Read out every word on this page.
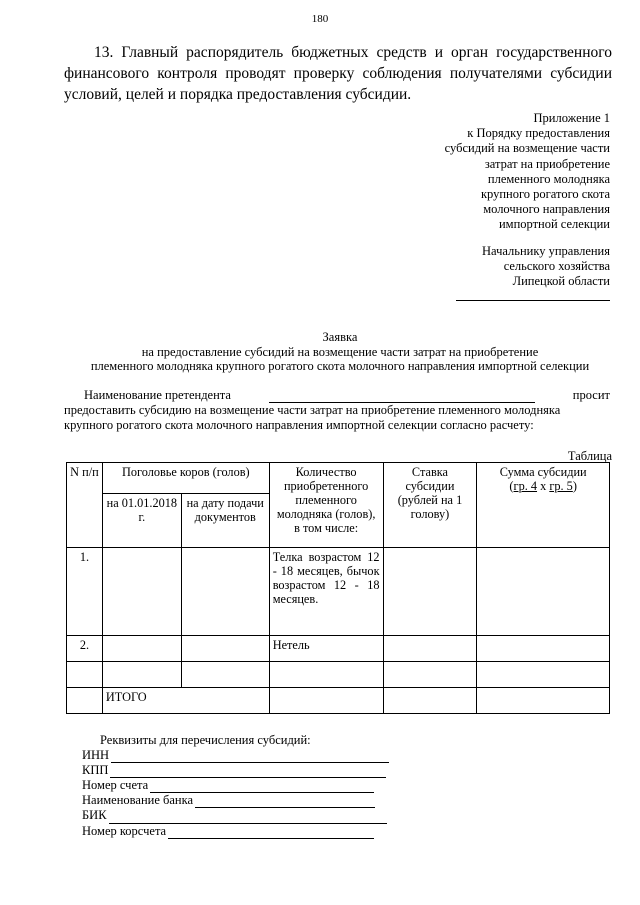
180
13. Главный распорядитель бюджетных средств и орган государственного финансового контроля проводят проверку соблюдения получателями субсидии условий, целей и порядка предоставления субсидии.
Приложение 1
к Порядку предоставления
субсидий на возмещение части
затрат на приобретение
племенного молодняка
крупного рогатого скота
молочного направления
импортной селекции
Начальнику управления
сельского хозяйства
Липецкой области
Заявка
на предоставление субсидий на возмещение части затрат на приобретение
племенного молодняка крупного рогатого скота молочного направления импортной селекции
Наименование претендента	просит
предоставить субсидию на возмещение части затрат на приобретение племенного молодняка
крупного рогатого скота молочного направления импортной селекции согласно расчету:
Таблица
N п/п	Поголовье коров (голов)		Количество приобретенного племенного молодняка (голов), в том числе:	Ставка субсидии (рублей на 1 голову)	Сумма субсидии
(гр. 4 x гр. 5)
	на 01.01.2018 г.	на дату подачи документов			
1.			Телка возрастом 12 - 18 месяцев, бычок возрастом 12 - 18 месяцев.		
2.			Нетель		

	ИТОГО				
Реквизиты для перечисления субсидий:
ИНН
КПП
Номер счета
Наименование банка
БИК
Номер корсчета
